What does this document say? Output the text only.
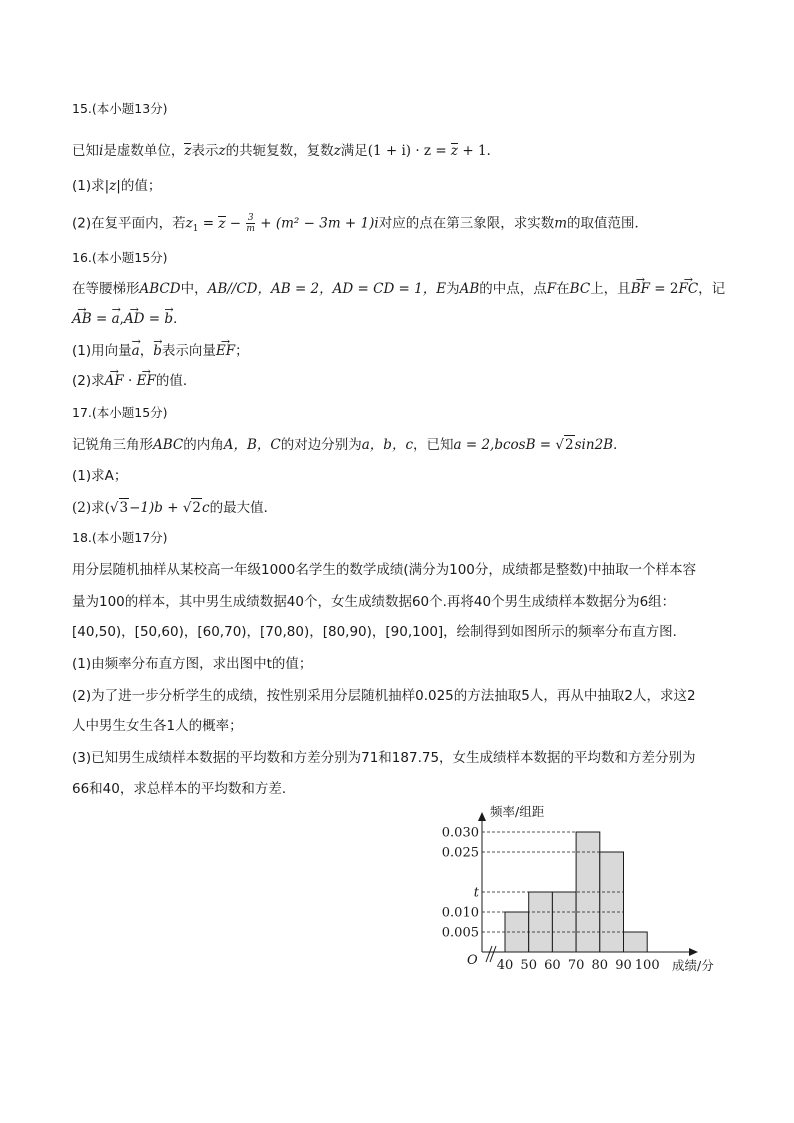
15.(本小题13分)
已知i是虚数单位，z表示z的共轭复数，复数z满足(1 + i) · z = z + 1.
(1)求|z|的值；
(2)在复平面内，若$z_1 = z - \frac{3}{m} + (m^2 - 3m + 1)i$对应的点在第三象限，求实数m的取值范围．
16.(本小题15分)
在等腰梯形ABCD中，AB//CD，AB = 2，AD = CD = 1，E为AB的中点，点F在BC上，且→ BF = 2→ FC，记
→ AB = → a,→ AD = → b．
(1)用向量→ a，→ b表示向量→ EF；
(2)求→ AF · → EF的值．
17.(本小题15分)
记锐角三角形ABC的内角A，B，C的对边分别为a，b，c，已知a = 2,bcosB = √2sin2B．
(1)求A；
(2)求(√3−1)b + √2c的最大值．
18.(本小题17分)
用分层随机抽样从某校高一年级1000名学生的数学成绩(满分为100分，成绩都是整数)中抽取一个样本容
量为100的样本，其中男生成绩数据40个，女生成绩数据60个.再将40个男生成绩样本数据分为6组：
[40,50)，[50,60)，[60,70)，[70,80)，[80,90)，[90,100]，绘制得到如图所示的频率分布直方图．
(1)由频率分布直方图，求出图中t的值；
(2)为了进一步分析学生的成绩，按性别采用分层随机抽样0.025的方法抽取5人，再从中抽取2人，求这2
人中男生女生各1人的概率；
(3)已知男生成绩样本数据的平均数和方差分别为71和187.75，女生成绩样本数据的平均数和方差分别为
66和40，求总样本的平均数和方差．
0.030
0.025
t
0.010
0.005
40 50 60 70 80 90 100
频率/组距
成绩/分
O
